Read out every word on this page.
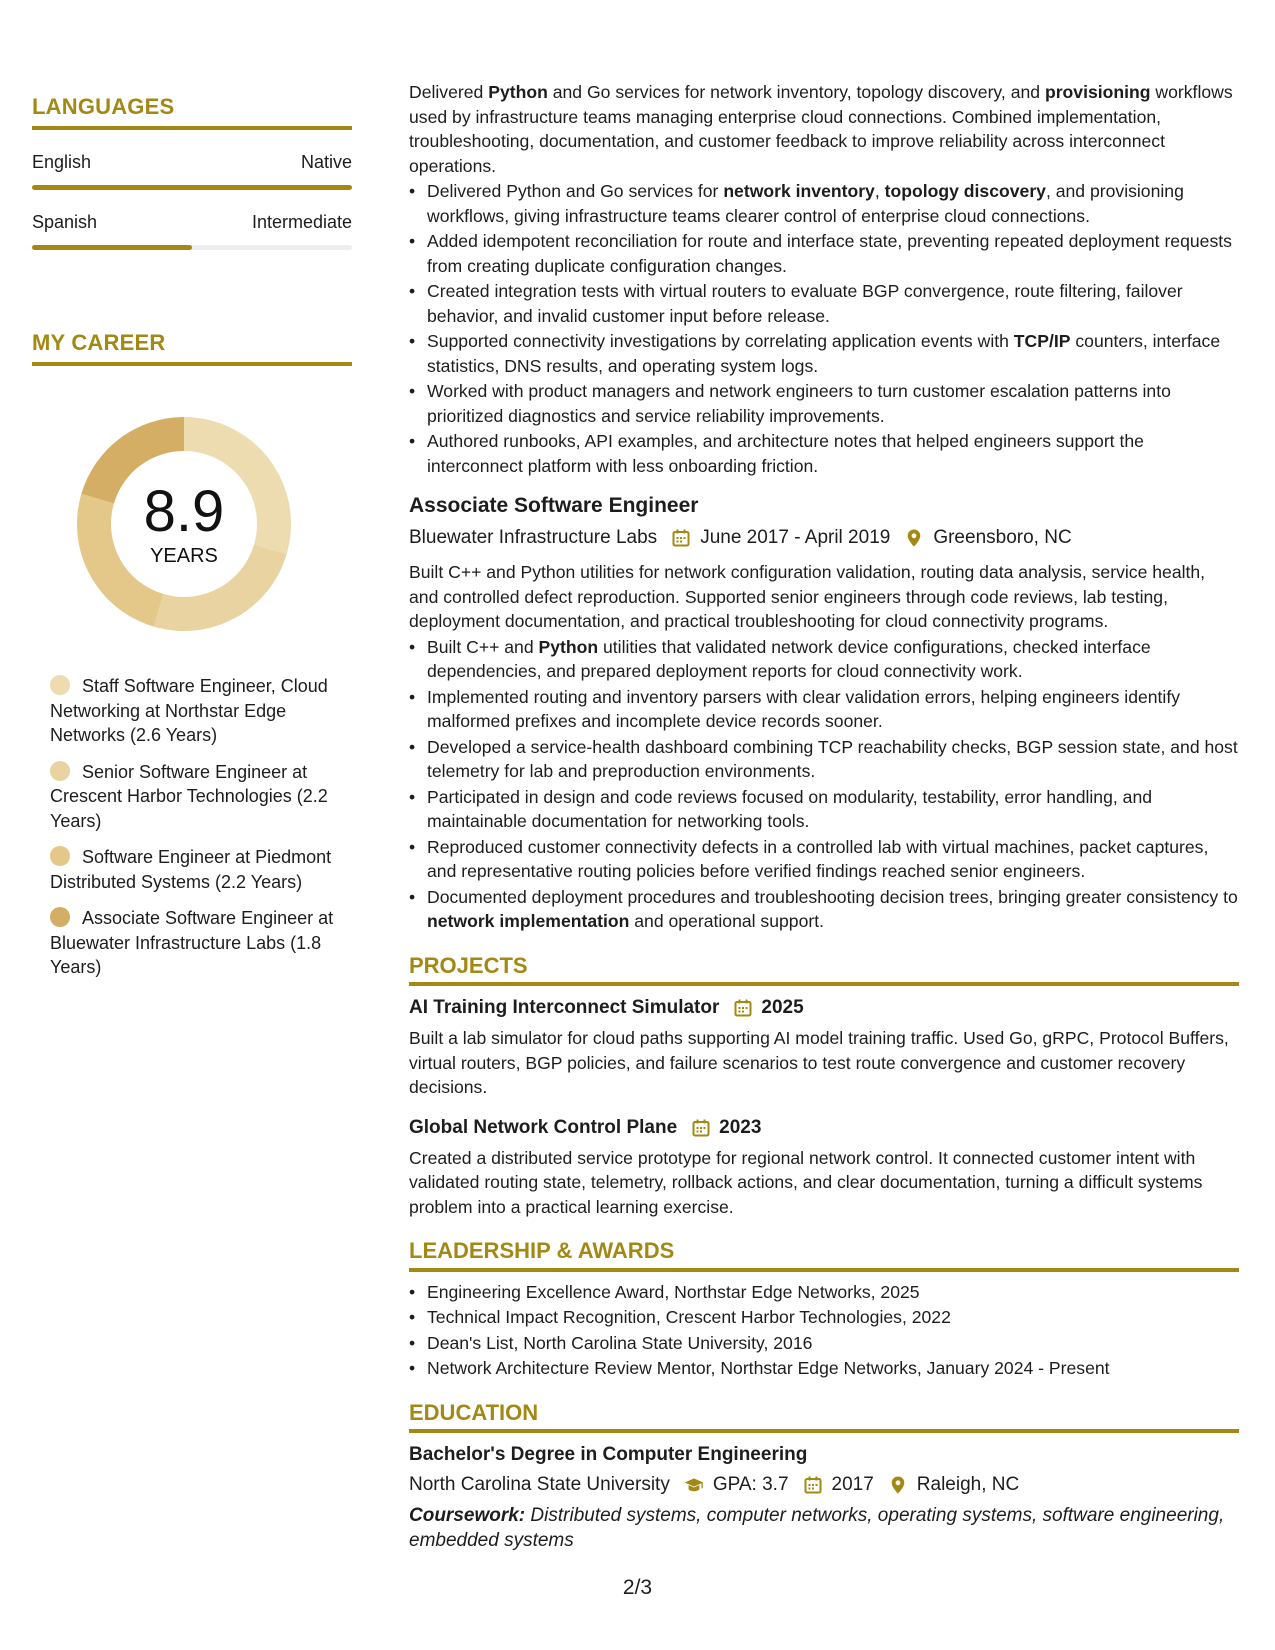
LANGUAGES
English	Native
Spanish	Intermediate
MY CAREER
8.9
YEARS
Staff Software Engineer, Cloud Networking at Northstar Edge Networks (2.6 Years)
Senior Software Engineer at Crescent Harbor Technologies (2.2 Years)
Software Engineer at Piedmont Distributed Systems (2.2 Years)
Associate Software Engineer at Bluewater Infrastructure Labs (1.8 Years)

Delivered Python and Go services for network inventory, topology discovery, and provisioning workflows used by infrastructure teams managing enterprise cloud connections. Combined implementation, troubleshooting, documentation, and customer feedback to improve reliability across interconnect operations.

• Delivered Python and Go services for network inventory, topology discovery, and provisioning workflows, giving infrastructure teams clearer control of enterprise cloud connections.
• Added idempotent reconciliation for route and interface state, preventing repeated deployment requests from creating duplicate configuration changes.
• Created integration tests with virtual routers to evaluate BGP convergence, route filtering, failover behavior, and invalid customer input before release.
• Supported connectivity investigations by correlating application events with TCP/IP counters, interface statistics, DNS results, and operating system logs.
• Worked with product managers and network engineers to turn customer escalation patterns into prioritized diagnostics and service reliability improvements.
• Authored runbooks, API examples, and architecture notes that helped engineers support the interconnect platform with less onboarding friction.
Associate Software Engineer
Bluewater Infrastructure Labs June 2017 - April 2019 Greensboro, NC

Built C++ and Python utilities for network configuration validation, routing data analysis, service health, and controlled defect reproduction. Supported senior engineers through code reviews, lab testing, deployment documentation, and practical troubleshooting for cloud connectivity programs.

• Built C++ and Python utilities that validated network device configurations, checked interface dependencies, and prepared deployment reports for cloud connectivity work.
• Implemented routing and inventory parsers with clear validation errors, helping engineers identify malformed prefixes and incomplete device records sooner.
• Developed a service-health dashboard combining TCP reachability checks, BGP session state, and host telemetry for lab and preproduction environments.
• Participated in design and code reviews focused on modularity, testability, error handling, and maintainable documentation for networking tools.
• Reproduced customer connectivity defects in a controlled lab with virtual machines, packet captures, and representative routing policies before verified findings reached senior engineers.
• Documented deployment procedures and troubleshooting decision trees, bringing greater consistency to network implementation and operational support.
PROJECTS
AI Training Interconnect Simulator 2025

Built a lab simulator for cloud paths supporting AI model training traffic. Used Go, gRPC, Protocol Buffers, virtual routers, BGP policies, and failure scenarios to test route convergence and customer recovery decisions.

Global Network Control Plane 2023

Created a distributed service prototype for regional network control. It connected customer intent with validated routing state, telemetry, rollback actions, and clear documentation, turning a difficult systems problem into a practical learning exercise.

LEADERSHIP & AWARDS
• Engineering Excellence Award, Northstar Edge Networks, 2025
• Technical Impact Recognition, Crescent Harbor Technologies, 2022
• Dean's List, North Carolina State University, 2016
• Network Architecture Review Mentor, Northstar Edge Networks, January 2024 - Present
EDUCATION
Bachelor's Degree in Computer Engineering
North Carolina State University GPA: 3.7 2017 Raleigh, NC
Coursework: Distributed systems, computer networks, operating systems, software engineering, embedded systems
2/3
